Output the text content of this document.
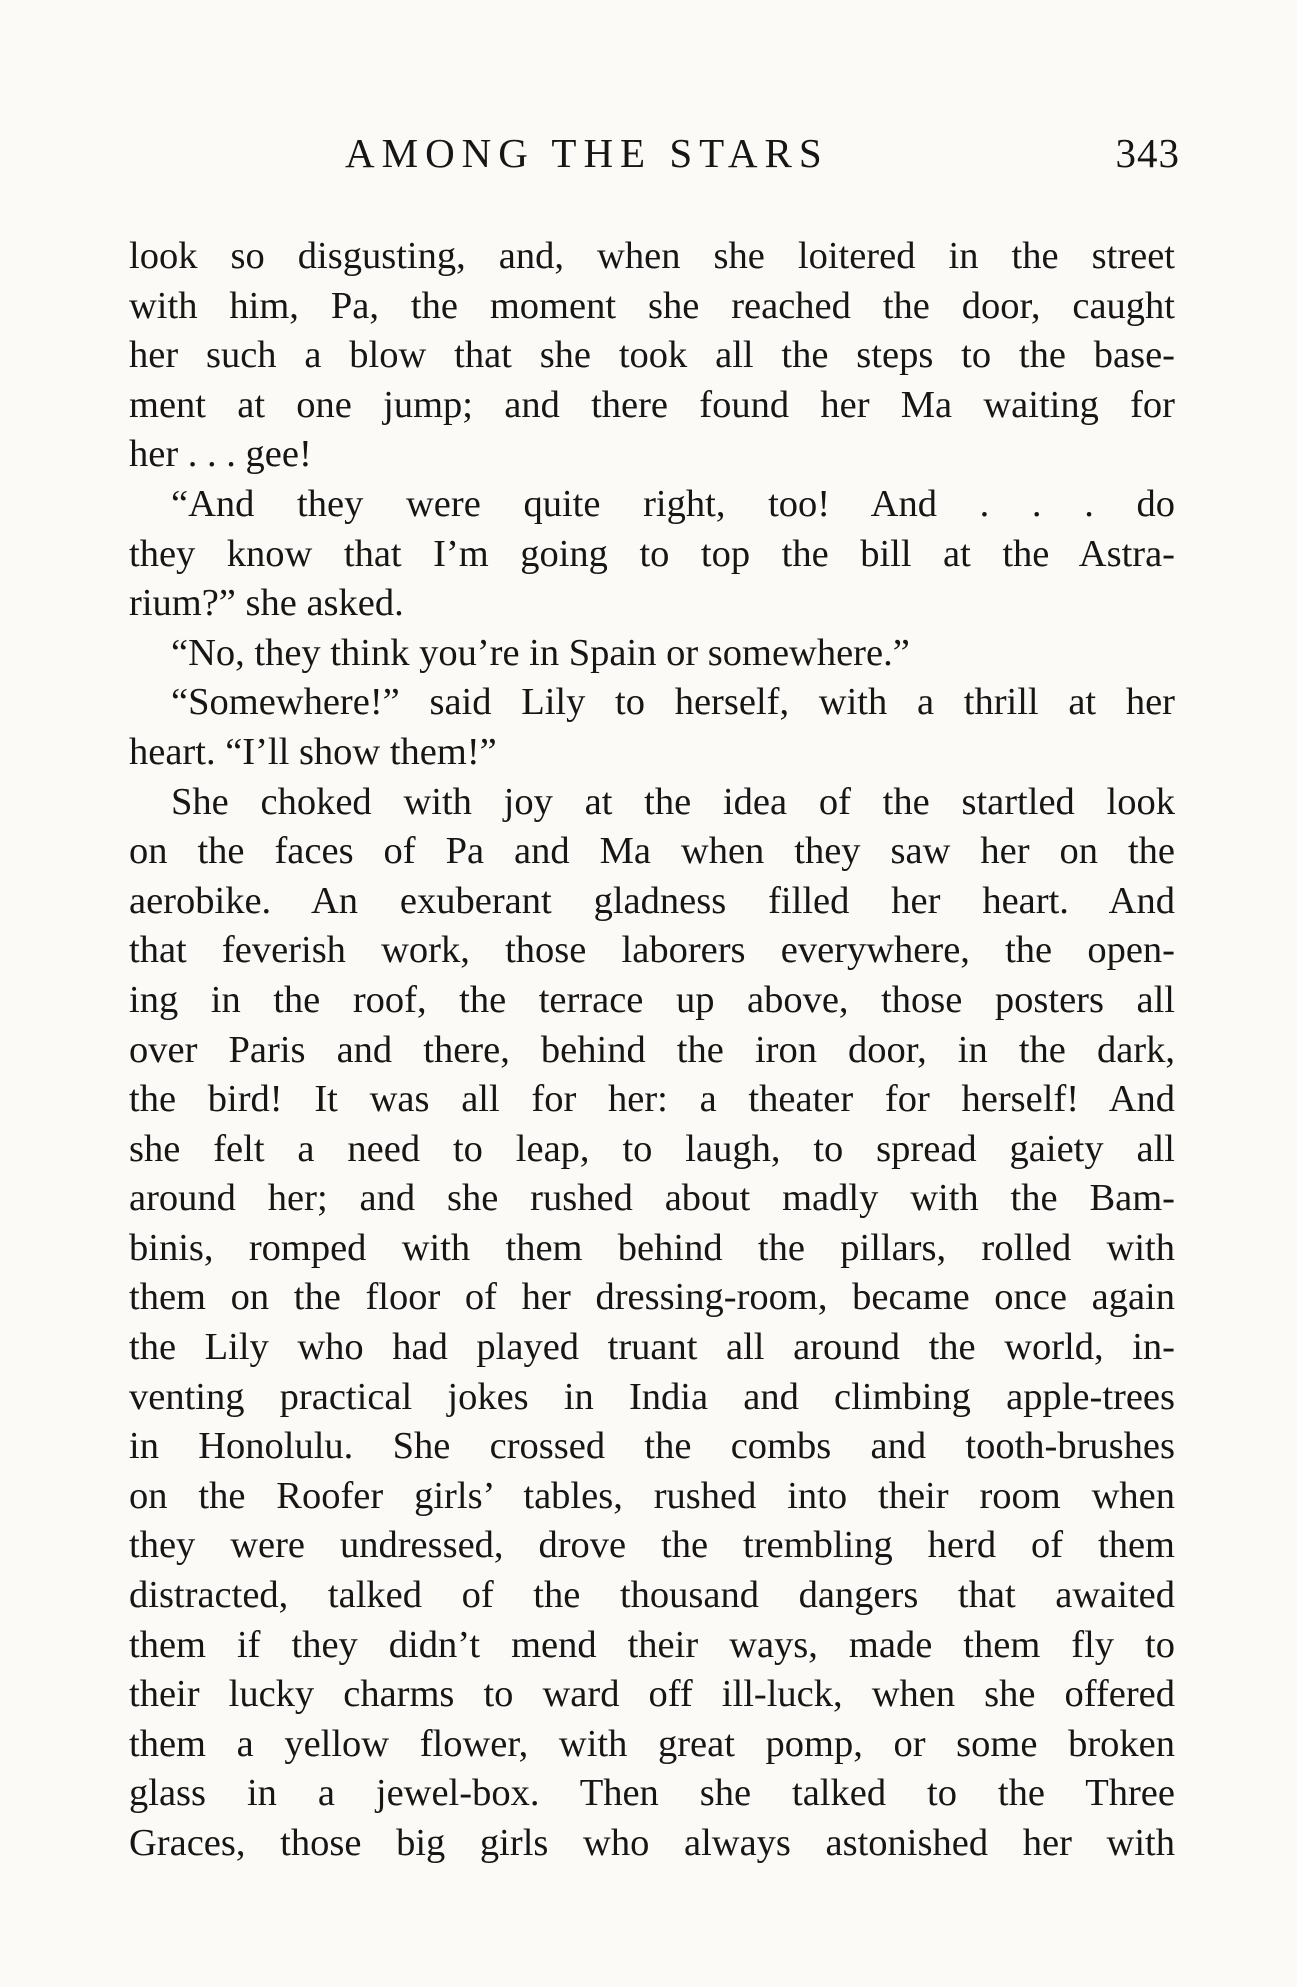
AMONG THE STARS	343
look so disgusting, and, when she loitered in the street
with him, Pa, the moment she reached the door, caught
her such a blow that she took all the steps to the base-
ment at one jump; and there found her Ma waiting for
her . . . gee!
“And they were quite right, too! And . . . do
they know that I’m going to top the bill at the Astra-
rium?” she asked.
“No, they think you’re in Spain or somewhere.”
“Somewhere!” said Lily to herself, with a thrill at her
heart. “I’ll show them!”
She choked with joy at the idea of the startled look
on the faces of Pa and Ma when they saw her on the
aerobike. An exuberant gladness filled her heart. And
that feverish work, those laborers everywhere, the open-
ing in the roof, the terrace up above, those posters all
over Paris and there, behind the iron door, in the dark,
the bird! It was all for her: a theater for herself! And
she felt a need to leap, to laugh, to spread gaiety all
around her; and she rushed about madly with the Bam-
binis, romped with them behind the pillars, rolled with
them on the floor of her dressing-room, became once again
the Lily who had played truant all around the world, in-
venting practical jokes in India and climbing apple-trees
in Honolulu. She crossed the combs and tooth-brushes
on the Roofer girls’ tables, rushed into their room when
they were undressed, drove the trembling herd of them
distracted, talked of the thousand dangers that awaited
them if they didn’t mend their ways, made them fly to
their lucky charms to ward off ill-luck, when she offered
them a yellow flower, with great pomp, or some broken
glass in a jewel-box. Then she talked to the Three
Graces, those big girls who always astonished her with
